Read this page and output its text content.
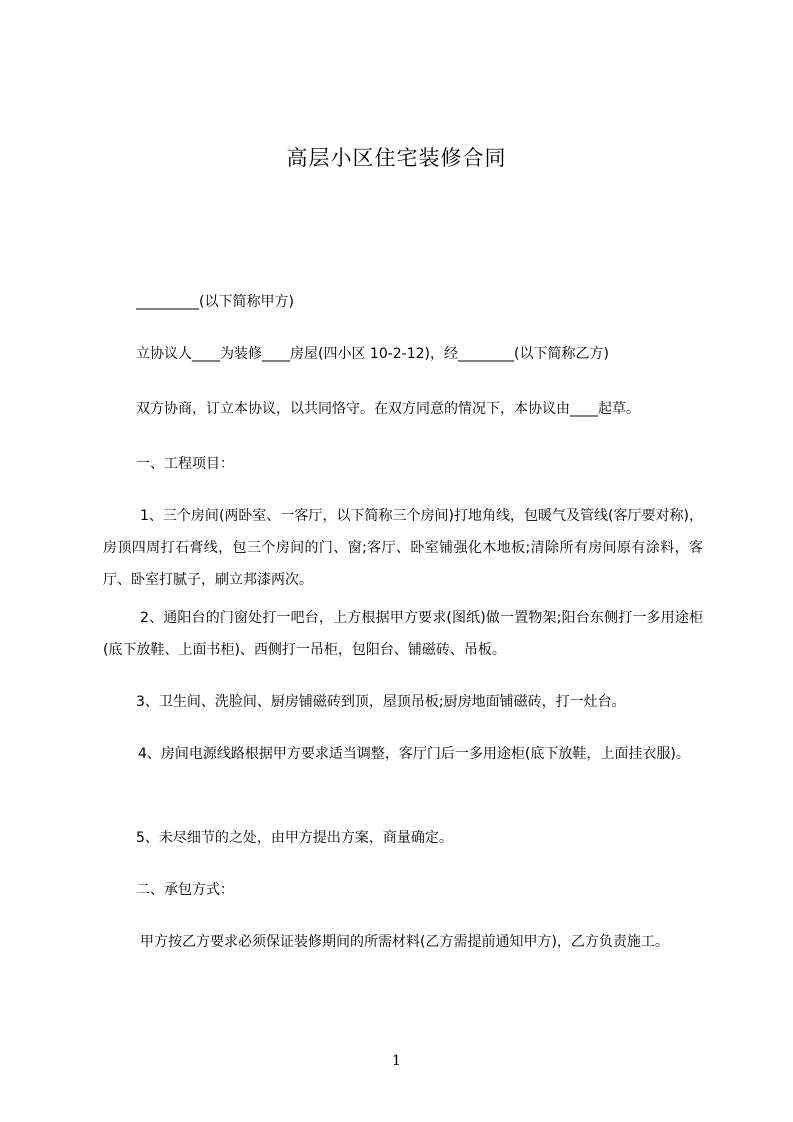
高层小区住宅装修合同
_________(以下简称甲方)
立协议人____为装修____房屋(四小区 10-2-12)，经________(以下简称乙方)
双方协商，订立本协议，以共同恪守。在双方同意的情况下，本协议由____起草。
一、工程项目：
1、三个房间(两卧室、一客厅，以下简称三个房间)打地角线，包暖气及管线(客厅要对称)，房顶四周打石膏线，包三个房间的门、窗;客厅、卧室铺强化木地板;清除所有房间原有涂料，客厅、卧室打腻子，刷立邦漆两次。
2、通阳台的门窗处打一吧台，上方根据甲方要求(图纸)做一置物架;阳台东侧打一多用途柜(底下放鞋、上面书柜)、西侧打一吊柜，包阳台、铺磁砖、吊板。
3、卫生间、洗脸间、厨房铺磁砖到顶，屋顶吊板;厨房地面铺磁砖，打一灶台。
4、房间电源线路根据甲方要求适当调整，客厅门后一多用途柜(底下放鞋，上面挂衣服)。
5、未尽细节的之处，由甲方提出方案，商量确定。
二、承包方式：
甲方按乙方要求必须保证装修期间的所需材料(乙方需提前通知甲方)，乙方负责施工。
1
